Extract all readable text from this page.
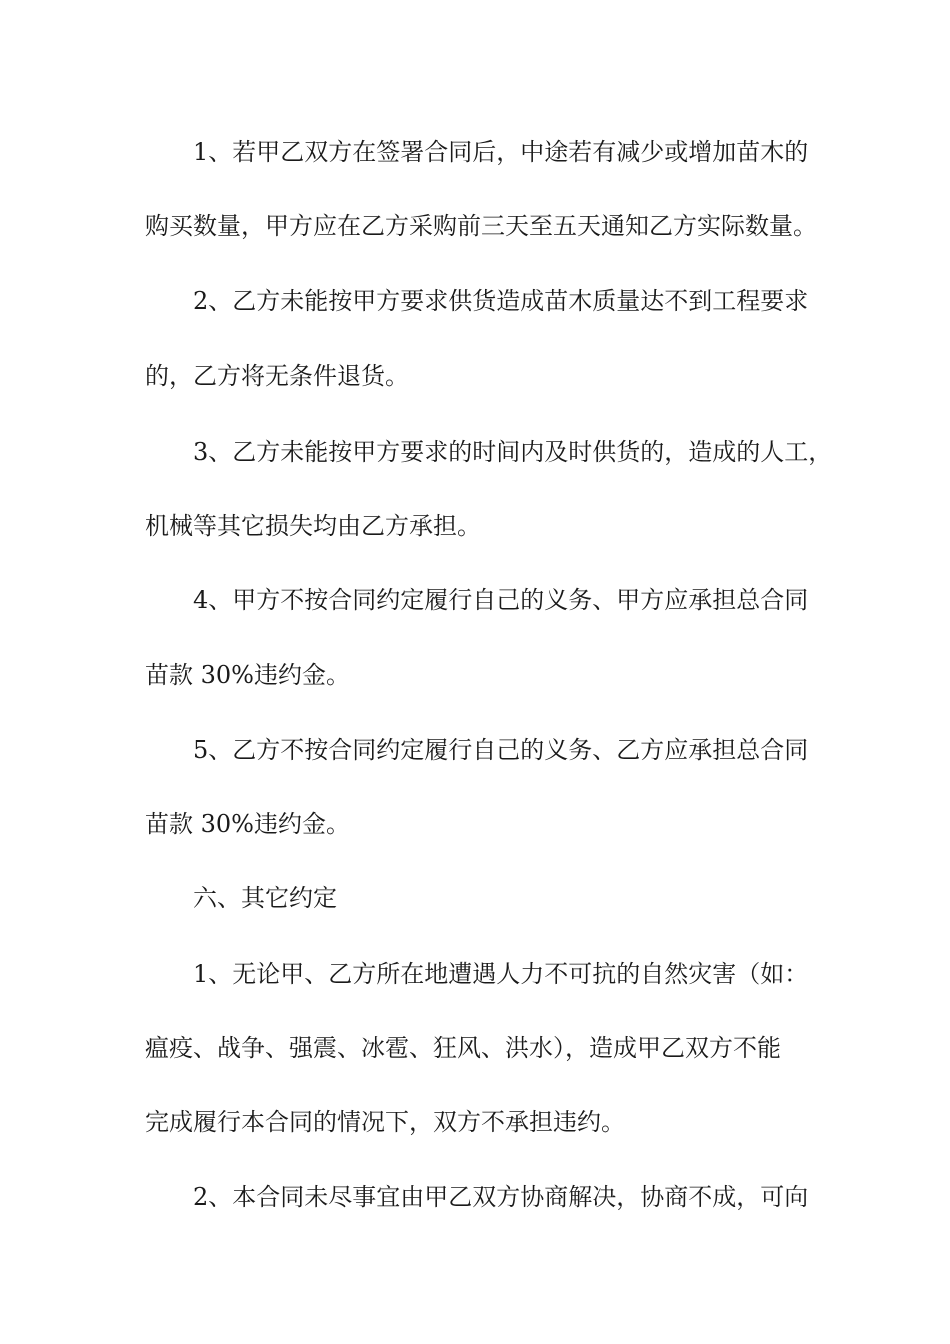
1、若甲乙双方在签署合同后，中途若有减少或增加苗木的
购买数量，甲方应在乙方采购前三天至五天通知乙方实际数量。
2、乙方未能按甲方要求供货造成苗木质量达不到工程要求
的，乙方将无条件退货。
3、乙方未能按甲方要求的时间内及时供货的，造成的人工，
机械等其它损失均由乙方承担。
4、甲方不按合同约定履行自己的义务、甲方应承担总合同
苗款 30%违约金。
5、乙方不按合同约定履行自己的义务、乙方应承担总合同
苗款 30%违约金。
六、其它约定
1、无论甲、乙方所在地遭遇人力不可抗的自然灾害（如：
瘟疫、战争、强震、冰雹、狂风、洪水），造成甲乙双方不能
完成履行本合同的情况下，双方不承担违约。
2、本合同未尽事宜由甲乙双方协商解决，协商不成，可向
